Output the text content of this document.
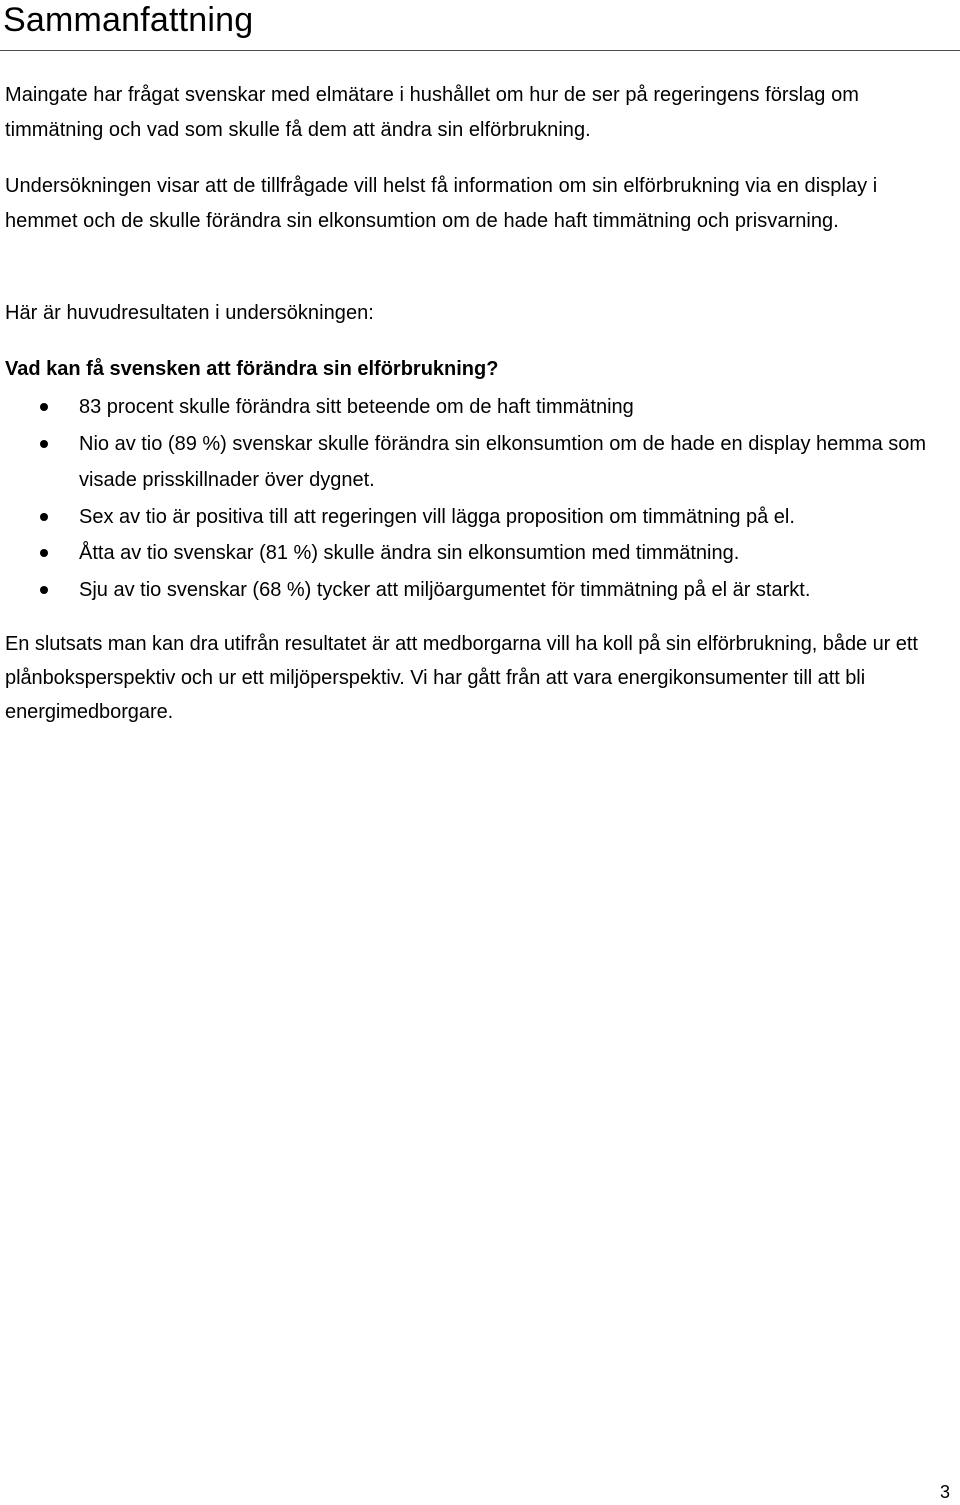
Sammanfattning

Maingate har frågat svenskar med elmätare i hushållet om hur de ser på regeringens förslag om timmätning och vad som skulle få dem att ändra sin elförbrukning.

Undersökningen visar att de tillfrågade vill helst få information om sin elförbrukning via en display i hemmet och de skulle förändra sin elkonsumtion om de hade haft timmätning och prisvarning.

Här är huvudresultaten i undersökningen:

Vad kan få svensken att förändra sin elförbrukning?
83 procent skulle förändra sitt beteende om de haft timmätning
Nio av tio (89 %) svenskar skulle förändra sin elkonsumtion om de hade en display hemma som visade prisskillnader över dygnet.
Sex av tio är positiva till att regeringen vill lägga proposition om timmätning på el.
Åtta av tio svenskar (81 %) skulle ändra sin elkonsumtion med timmätning.
Sju av tio svenskar (68 %) tycker att miljöargumentet för timmätning på el är starkt.

En slutsats man kan dra utifrån resultatet är att medborgarna vill ha koll på sin elförbrukning, både ur ett plånboksperspektiv och ur ett miljöperspektiv. Vi har gått från att vara energikonsumenter till att bli energimedborgare.

3
